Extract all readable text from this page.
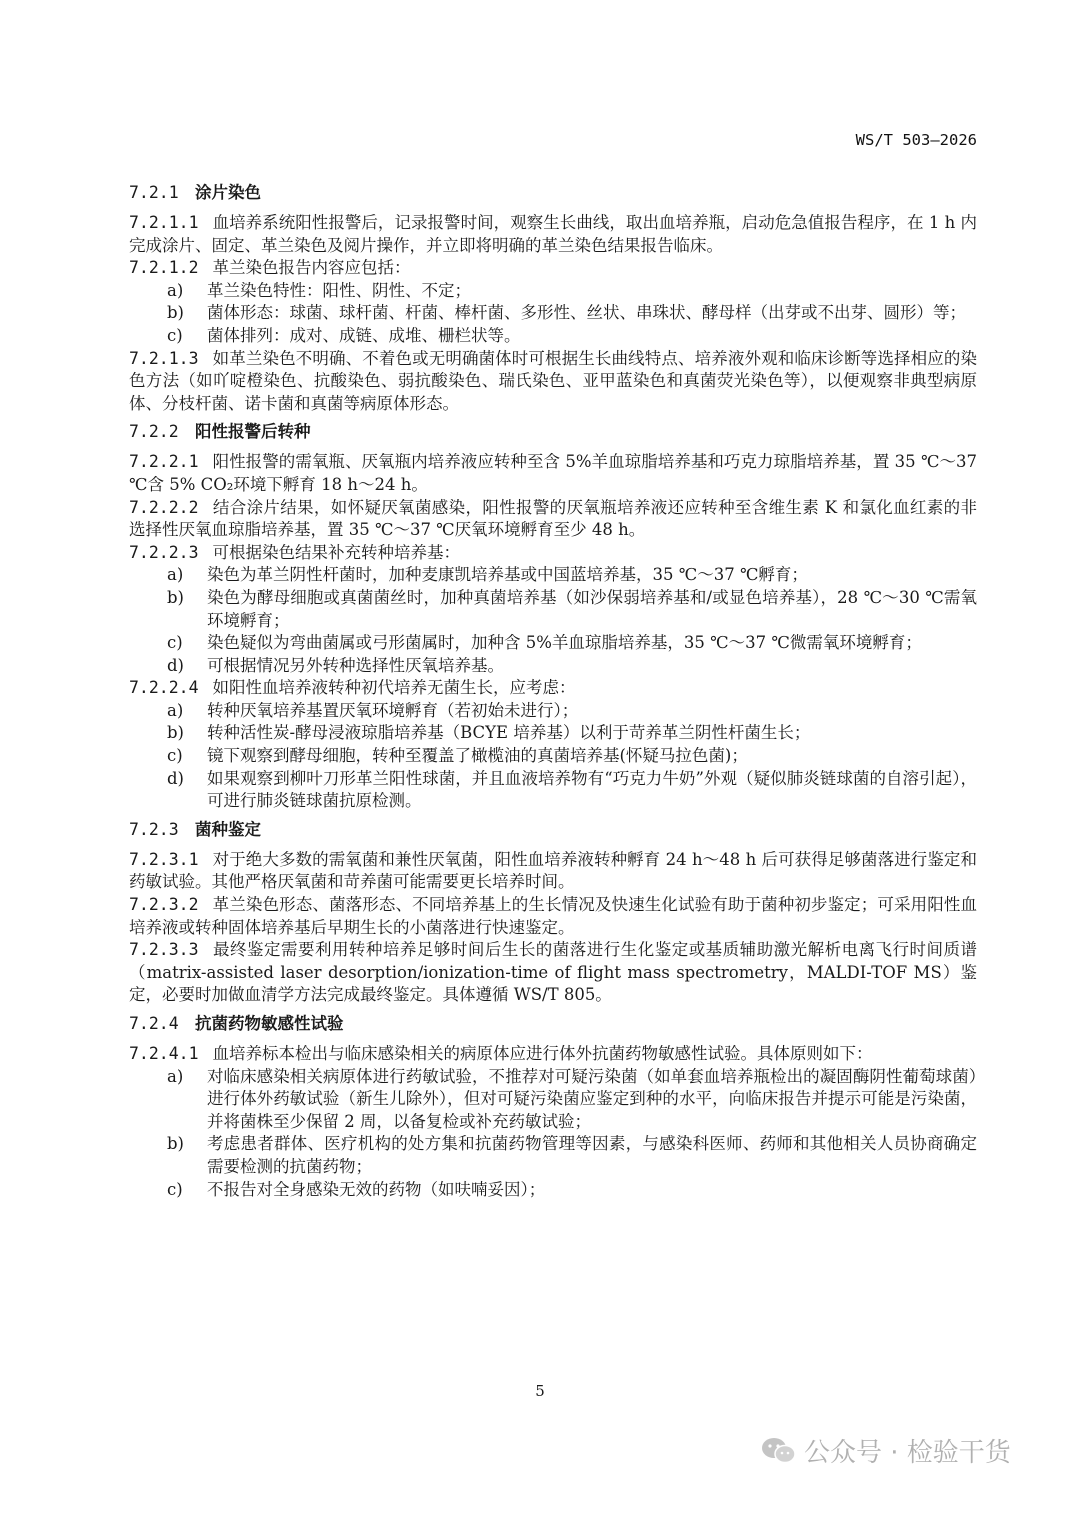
WS/T 503—2026
7.2.1 涂片染色
7.2.1.1 血培养系统阳性报警后，记录报警时间，观察生长曲线，取出血培养瓶，启动危急值报告程序，在 1 h 内完成涂片、固定、革兰染色及阅片操作，并立即将明确的革兰染色结果报告临床。
7.2.1.2 革兰染色报告内容应包括：
a) 革兰染色特性：阳性、阴性、不定；
b) 菌体形态：球菌、球杆菌、杆菌、棒杆菌、多形性、丝状、串珠状、酵母样（出芽或不出芽、圆形）等；
c) 菌体排列：成对、成链、成堆、栅栏状等。
7.2.1.3 如革兰染色不明确、不着色或无明确菌体时可根据生长曲线特点、培养液外观和临床诊断等选择相应的染色方法（如吖啶橙染色、抗酸染色、弱抗酸染色、瑞氏染色、亚甲蓝染色和真菌荧光染色等），以便观察非典型病原体、分枝杆菌、诺卡菌和真菌等病原体形态。
7.2.2 阳性报警后转种
7.2.2.1 阳性报警的需氧瓶、厌氧瓶内培养液应转种至含 5%羊血琼脂培养基和巧克力琼脂培养基，置 35 ℃～37 ℃含 5% CO₂环境下孵育 18 h～24 h。
7.2.2.2 结合涂片结果，如怀疑厌氧菌感染，阳性报警的厌氧瓶培养液还应转种至含维生素 K 和氯化血红素的非选择性厌氧血琼脂培养基，置 35 ℃～37 ℃厌氧环境孵育至少 48 h。
7.2.2.3 可根据染色结果补充转种培养基：
a) 染色为革兰阴性杆菌时，加种麦康凯培养基或中国蓝培养基，35 ℃～37 ℃孵育；
b) 染色为酵母细胞或真菌菌丝时，加种真菌培养基（如沙保弱培养基和/或显色培养基），28 ℃～30 ℃需氧环境孵育；
c) 染色疑似为弯曲菌属或弓形菌属时，加种含 5%羊血琼脂培养基，35 ℃～37 ℃微需氧环境孵育；
d) 可根据情况另外转种选择性厌氧培养基。
7.2.2.4 如阳性血培养液转种初代培养无菌生长，应考虑：
a) 转种厌氧培养基置厌氧环境孵育（若初始未进行）；
b) 转种活性炭-酵母浸液琼脂培养基（BCYE 培养基）以利于苛养革兰阴性杆菌生长；
c) 镜下观察到酵母细胞，转种至覆盖了橄榄油的真菌培养基(怀疑马拉色菌)；
d) 如果观察到柳叶刀形革兰阳性球菌，并且血液培养物有“巧克力牛奶”外观（疑似肺炎链球菌的自溶引起），可进行肺炎链球菌抗原检测。
7.2.3 菌种鉴定
7.2.3.1 对于绝大多数的需氧菌和兼性厌氧菌，阳性血培养液转种孵育 24 h～48 h 后可获得足够菌落进行鉴定和药敏试验。其他严格厌氧菌和苛养菌可能需要更长培养时间。
7.2.3.2 革兰染色形态、菌落形态、不同培养基上的生长情况及快速生化试验有助于菌种初步鉴定；可采用阳性血培养液或转种固体培养基后早期生长的小菌落进行快速鉴定。
7.2.3.3 最终鉴定需要利用转种培养足够时间后生长的菌落进行生化鉴定或基质辅助激光解析电离飞行时间质谱（matrix-assisted laser desorption/ionization-time of flight mass spectrometry，MALDI-TOF MS）鉴定，必要时加做血清学方法完成最终鉴定。具体遵循 WS/T 805。
7.2.4 抗菌药物敏感性试验
7.2.4.1 血培养标本检出与临床感染相关的病原体应进行体外抗菌药物敏感性试验。具体原则如下：
a) 对临床感染相关病原体进行药敏试验，不推荐对可疑污染菌（如单套血培养瓶检出的凝固酶阴性葡萄球菌）进行体外药敏试验（新生儿除外），但对可疑污染菌应鉴定到种的水平，向临床报告并提示可能是污染菌，并将菌株至少保留 2 周，以备复检或补充药敏试验；
b) 考虑患者群体、医疗机构的处方集和抗菌药物管理等因素，与感染科医师、药师和其他相关人员协商确定需要检测的抗菌药物；
c) 不报告对全身感染无效的药物（如呋喃妥因）；
5
公众号 · 检验干货
